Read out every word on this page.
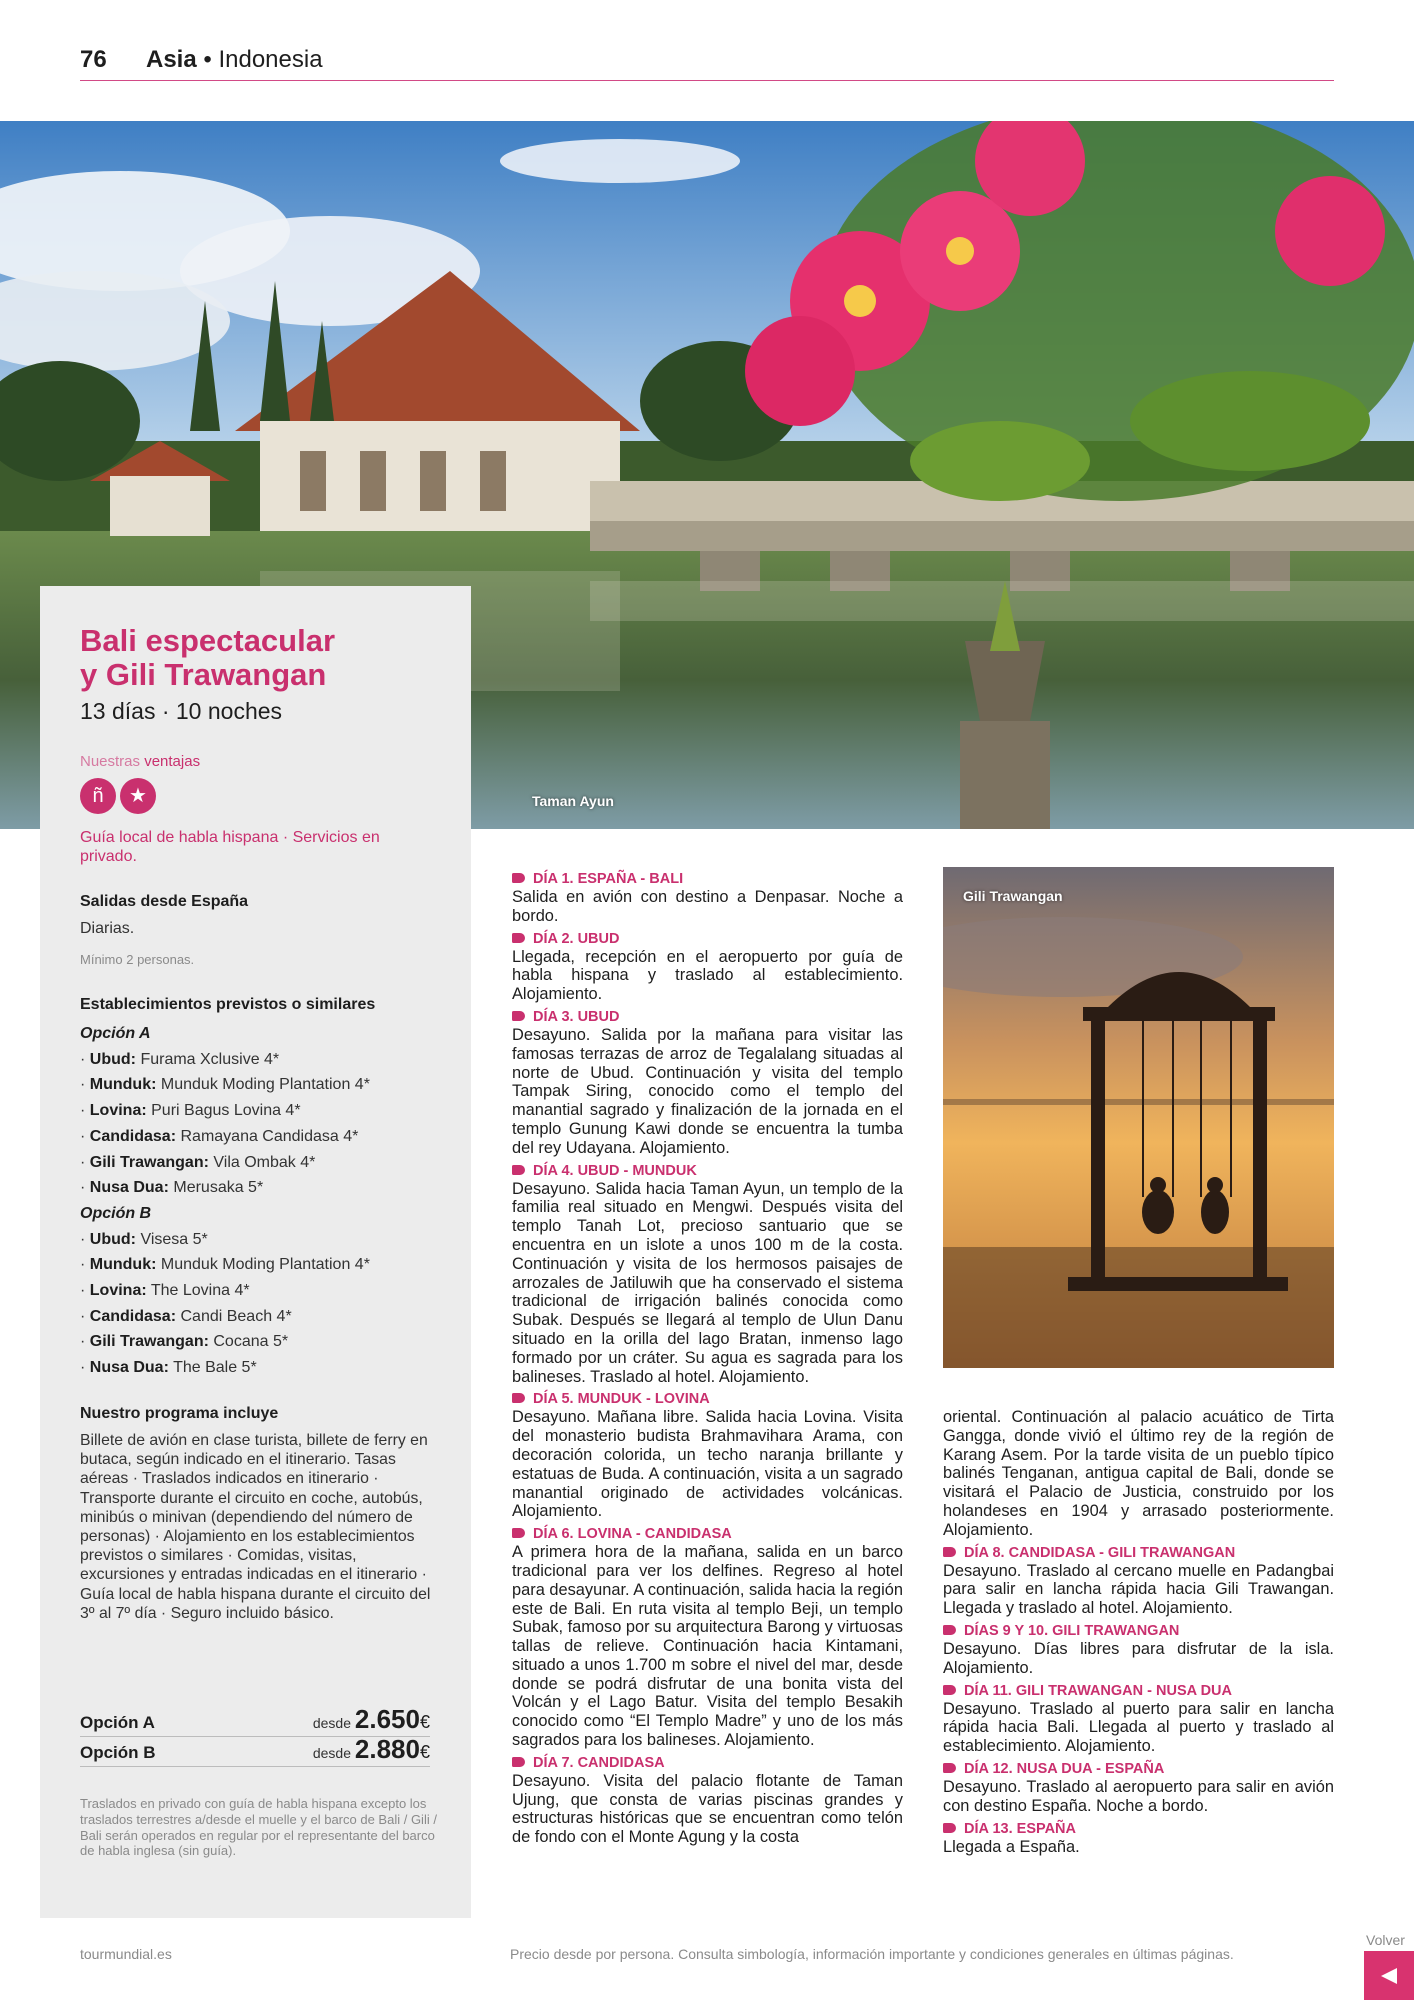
76 Asia • Indonesia
Taman Ayun
Bali espectacular
y Gili Trawangan
13 días · 10 noches
Nuestras ventajas
ñ ★
Guía local de habla hispana · Servicios en privado.
Salidas desde España
Diarias.
Mínimo 2 personas.
Establecimientos previstos o similares
Opción A
· Ubud: Furama Xclusive 4*
· Munduk: Munduk Moding Plantation 4*
· Lovina: Puri Bagus Lovina 4*
· Candidasa: Ramayana Candidasa 4*
· Gili Trawangan: Vila Ombak 4*
· Nusa Dua: Merusaka 5*
Opción B
· Ubud: Visesa 5*
· Munduk: Munduk Moding Plantation 4*
· Lovina: The Lovina 4*
· Candidasa: Candi Beach 4*
· Gili Trawangan: Cocana 5*
· Nusa Dua: The Bale 5*
Nuestro programa incluye
Billete de avión en clase turista, billete de ferry en butaca, según indicado en el itinerario. Tasas aéreas · Traslados indicados en itinerario · Transporte durante el circuito en coche, autobús, minibús o minivan (dependiendo del número de personas) · Alojamiento en los establecimientos previstos o similares · Comidas, visitas, excursiones y entradas indicadas en el itinerario · Guía local de habla hispana durante el circuito del 3º al 7º día · Seguro incluido básico.
Opción A	desde 2.650€
Opción B	desde 2.880€
Traslados en privado con guía de habla hispana excepto los traslados terrestres a/desde el muelle y el barco de Bali / Gili / Bali serán operados en regular por el representante del barco de habla inglesa (sin guía).
DÍA 1. ESPAÑA - BALI

Salida en avión con destino a Denpasar. Noche a bordo.

DÍA 2. UBUD

Llegada, recepción en el aeropuerto por guía de habla hispana y traslado al establecimiento. Alojamiento.

DÍA 3. UBUD

Desayuno. Salida por la mañana para visitar las famosas terrazas de arroz de Tegalalang situadas al norte de Ubud. Continuación y visita del templo Tampak Siring, conocido como el templo del manantial sagrado y finalización de la jornada en el templo Gunung Kawi donde se encuentra la tumba del rey Udayana. Alojamiento.

DÍA 4. UBUD - MUNDUK

Desayuno. Salida hacia Taman Ayun, un templo de la familia real situado en Mengwi. Después visita del templo Tanah Lot, precioso santuario que se encuentra en un islote a unos 100 m de la costa. Continuación y visita de los hermosos paisajes de arrozales de Jatiluwih que ha conservado el sistema tradicional de irrigación balinés conocida como Subak. Después se llegará al templo de Ulun Danu situado en la orilla del lago Bratan, inmenso lago formado por un cráter. Su agua es sagrada para los balineses. Traslado al hotel. Alojamiento.

DÍA 5. MUNDUK - LOVINA

Desayuno. Mañana libre. Salida hacia Lovina. Visita del monasterio budista Brahmavihara Arama, con decoración colorida, un techo naranja brillante y estatuas de Buda. A continuación, visita a un sagrado manantial originado de actividades volcánicas. Alojamiento.

DÍA 6. LOVINA - CANDIDASA

A primera hora de la mañana, salida en un barco tradicional para ver los delfines. Regreso al hotel para desayunar. A continuación, salida hacia la región este de Bali. En ruta visita al templo Beji, un templo Subak, famoso por su arquitectura Barong y virtuosas tallas de relieve. Continuación hacia Kintamani, situado a unos 1.700 m sobre el nivel del mar, desde donde se podrá disfrutar de una bonita vista del Volcán y el Lago Batur. Visita del templo Besakih conocido como “El Templo Madre” y uno de los más sagrados para los balineses. Alojamiento.

DÍA 7. CANDIDASA

Desayuno. Visita del palacio flotante de Taman Ujung, que consta de varias piscinas grandes y estructuras históricas que se encuentran como telón de fondo con el Monte Agung y la costa

Gili Trawangan

oriental. Continuación al palacio acuático de Tirta Gangga, donde vivió el último rey de la región de Karang Asem. Por la tarde visita de un pueblo típico balinés Tenganan, antigua capital de Bali, donde se visitará el Palacio de Justicia, construido por los holandeses en 1904 y arrasado posteriormente. Alojamiento.

DÍA 8. CANDIDASA - GILI TRAWANGAN

Desayuno. Traslado al cercano muelle en Padangbai para salir en lancha rápida hacia Gili Trawangan. Llegada y traslado al hotel. Alojamiento.

DÍAS 9 Y 10. GILI TRAWANGAN

Desayuno. Días libres para disfrutar de la isla. Alojamiento.

DÍA 11. GILI TRAWANGAN - NUSA DUA

Desayuno. Traslado al puerto para salir en lancha rápida hacia Bali. Llegada al puerto y traslado al establecimiento. Alojamiento.

DÍA 12. NUSA DUA - ESPAÑA

Desayuno. Traslado al aeropuerto para salir en avión con destino España. Noche a bordo.

DÍA 13. ESPAÑA

Llegada a España.

tourmundial.es	Precio desde por persona. Consulta simbología, información importante y condiciones generales en últimas páginas.
Volver
